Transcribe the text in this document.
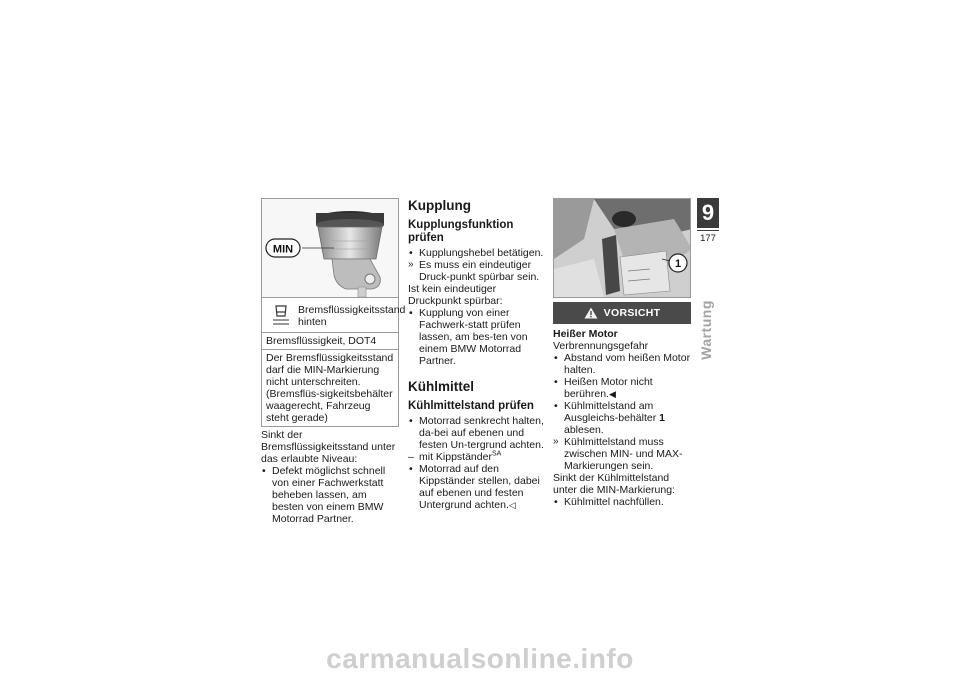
MIN
Bremsflüssigkeitsstand hinten
Bremsflüssigkeit, DOT4
Der Bremsflüssigkeitsstand darf die MIN-Markierung nicht unterschreiten. (Bremsflüs-sigkeitsbehälter waagerecht, Fahrzeug steht gerade)

Sinkt der Bremsflüssigkeitsstand unter das erlaubte Niveau:

• Defekt möglichst schnell von einer Fachwerkstatt beheben lassen, am besten von einem BMW Motorrad Partner.

Kupplung
Kupplungsfunktion prüfen

• Kupplungshebel betätigen.

» Es muss ein eindeutiger Druck-punkt spürbar sein.

Ist kein eindeutiger Druckpunkt spürbar:

• Kupplung von einer Fachwerk-statt prüfen lassen, am bes-ten von einem BMW Motorrad Partner.

Kühlmittel
Kühlmittelstand prüfen

• Motorrad senkrecht halten, da-bei auf ebenen und festen Un-tergrund achten.

– mit Kippständer$^{SA}$

• Motorrad auf den Kippständer stellen, dabei auf ebenen und festen Untergrund achten.◁

1
VORSICHT

Heißer Motor

Verbrennungsgefahr

• Abstand vom heißen Motor halten.

• Heißen Motor nicht berühren.◀

• Kühlmittelstand am Ausgleichs-behälter 1 ablesen.

» Kühlmittelstand muss zwischen MIN- und MAX-Markierungen sein.

Sinkt der Kühlmittelstand unter die MIN-Markierung:

• Kühlmittel nachfüllen.

9
177
Wartung
carmanualsonline.info
